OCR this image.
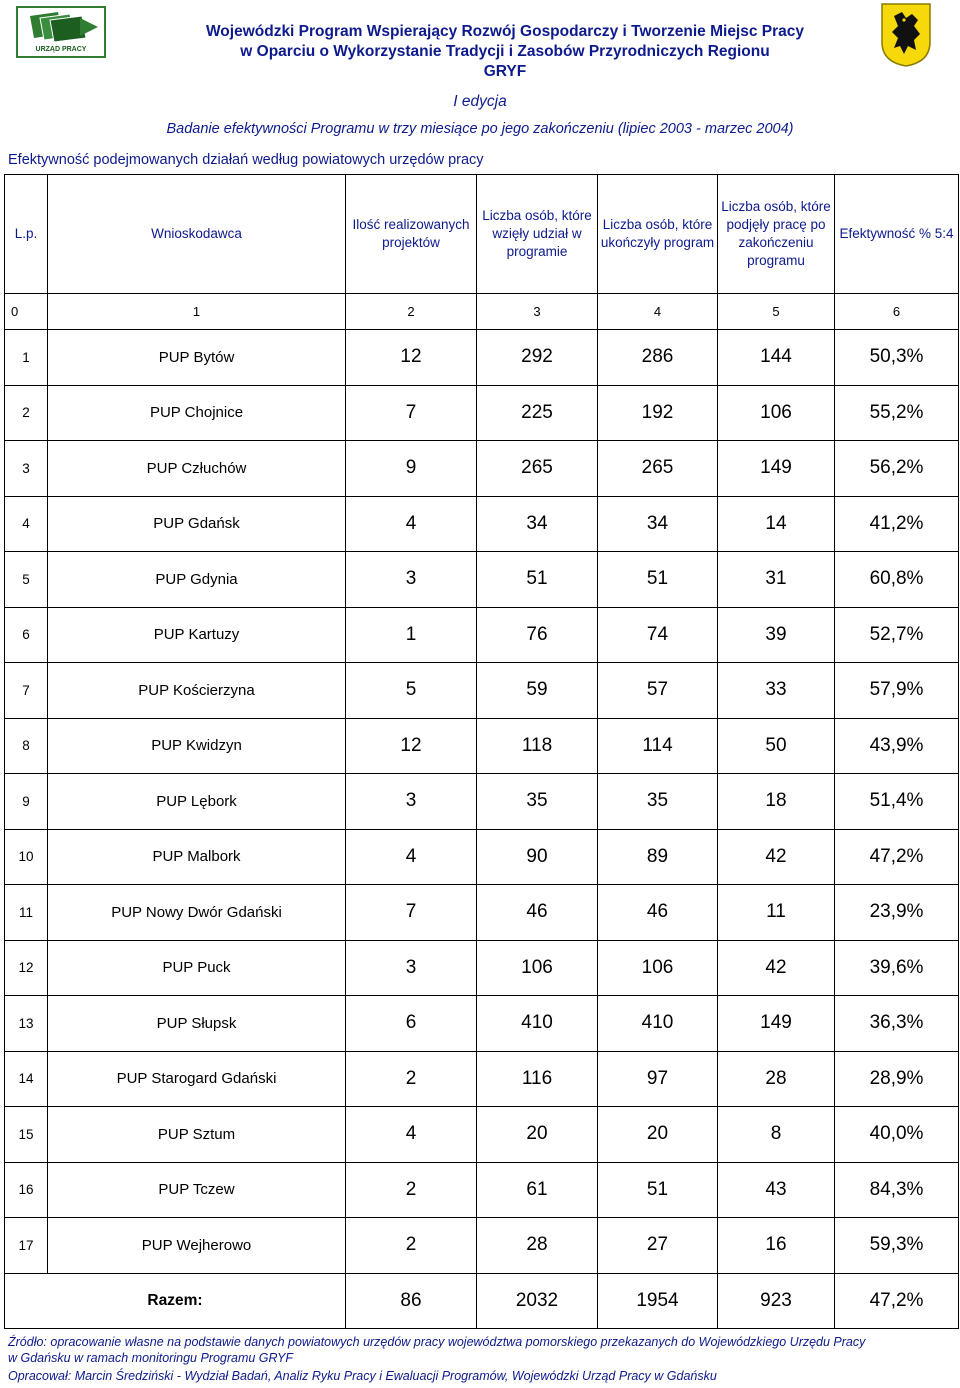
URZĄD PRACY
Wojewódzki Program Wspierający Rozwój Gospodarczy i Tworzenie Miejsc Pracy
w Oparciu o Wykorzystanie Tradycji i Zasobów Przyrodniczych Regionu
GRYF
I edycja
Badanie efektywności Programu w trzy miesiące po jego zakończeniu (lipiec 2003 - marzec 2004)
Efektywność podejmowanych działań według powiatowych urzędów pracy
L.p.	Wnioskodawca	Ilość realizowanych projektów	Liczba osób, które wzięły udział w programie	Liczba osób, które ukończyły program	Liczba osób, które podjęły pracę po zakończeniu programu	Efektywność % 5:4
0	1	2	3	4	5	6
1	PUP Bytów	12	292	286	144	50,3%
2	PUP Chojnice	7	225	192	106	55,2%
3	PUP Człuchów	9	265	265	149	56,2%
4	PUP Gdańsk	4	34	34	14	41,2%
5	PUP Gdynia	3	51	51	31	60,8%
6	PUP Kartuzy	1	76	74	39	52,7%
7	PUP Kościerzyna	5	59	57	33	57,9%
8	PUP Kwidzyn	12	118	114	50	43,9%
9	PUP Lębork	3	35	35	18	51,4%
10	PUP Malbork	4	90	89	42	47,2%
11	PUP Nowy Dwór Gdański	7	46	46	11	23,9%
12	PUP Puck	3	106	106	42	39,6%
13	PUP Słupsk	6	410	410	149	36,3%
14	PUP Starogard Gdański	2	116	97	28	28,9%
15	PUP Sztum	4	20	20	8	40,0%
16	PUP Tczew	2	61	51	43	84,3%
17	PUP Wejherowo	2	28	27	16	59,3%
Razem:		86	2032	1954	923	47,2%
Źródło: opracowanie własne na podstawie danych powiatowych urzędów pracy województwa pomorskiego przekazanych do Wojewódzkiego Urzędu Pracy
w Gdańsku w ramach monitoringu Programu GRYF
Opracował: Marcin Średziński - Wydział Badań, Analiz Ryku Pracy i Ewaluacji Programów, Wojewódzki Urząd Pracy w Gdańsku
